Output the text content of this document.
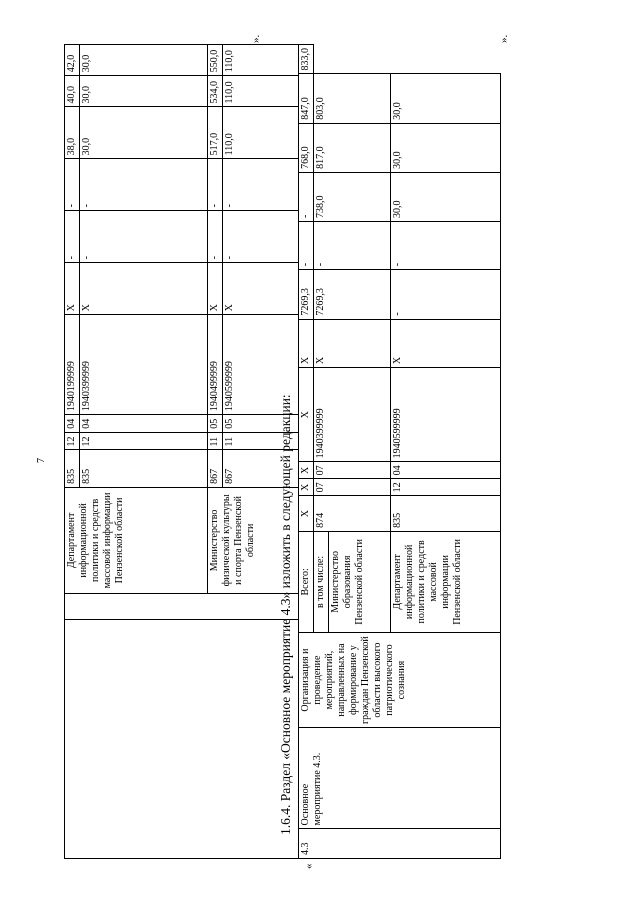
7
		Департамент информационной политики и средств массовой информации Пензенской области	835	12	04	1940199999	X	-	-	38,0	40,0	42,0
			835	12	04	1940399999	X	-	-	30,0	30,0	30,0
		Министерство физической культуры и спорта Пензенской области	867	11	05	1940499999	X	-	-	517,0	534,0	550,0
			867	11	05	1940599999	X	-	-	110,0	110,0	110,0
».
1.6.4. Раздел «Основное мероприятие 4.3» изложить в следующей редакции:
«
4.3	Основное мероприятие 4.3.	Организация и проведение мероприятий, направленных на формирование у граждан Пензенской области высокого патриотического сознания	Всего:	X	X	X	X	X	7269,3	-	-	768,0	847,0	833,0
			в том числе:	874	07	07	1940399999	X	7269,3	-	738,0	817,0	803,0	
			Министерство образования Пензенской области											
			Департамент информационной политики и средств массовой информации Пензенской области	835	12	04	1940599999	X	-	-	30,0	30,0	30,0	
».
